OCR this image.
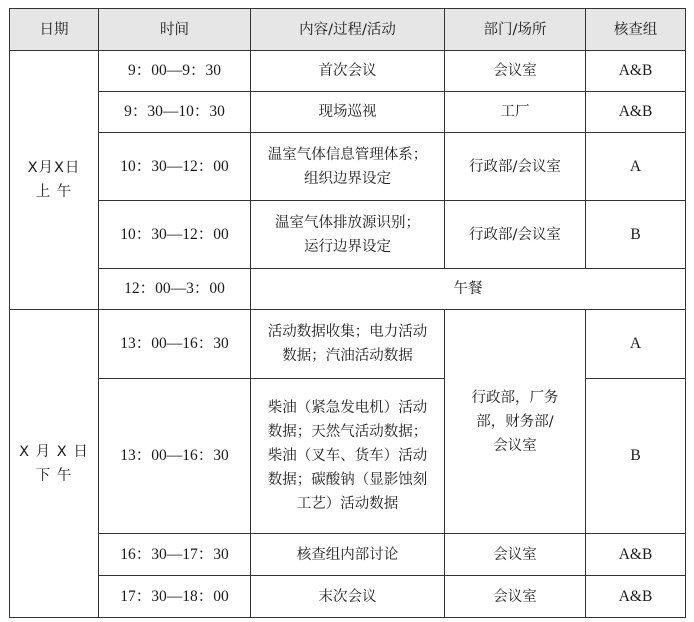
日期	时间	内容/过程/活动	部门/场所	核查组

X月X日
上 午	9：00—9：30	首次会议	会议室	A&B
	9：30—10：30	现场巡视	工厂	A&B
	10：30—12：00	温室气体信息管理体系；
组织边界设定	行政部/会议室	A
	10：30—12：00	温室气体排放源识别；
运行边界设定	行政部/会议室	B
	12：00—3：00	午餐		

X 月 X 日
下 午	13：00—16：30	活动数据收集；电力活动
数据；汽油活动数据	行政部，厂务
部，财务部/
会议室	A
	13：00—16：30	柴油（紧急发电机）活动
数据；天然气活动数据；
柴油（叉车、货车）活动
数据；碳酸钠（显影蚀刻
工艺）活动数据		B
	16：30—17：30	核查组内部讨论	会议室	A&B
	17：30—18：00	末次会议	会议室	A&B
